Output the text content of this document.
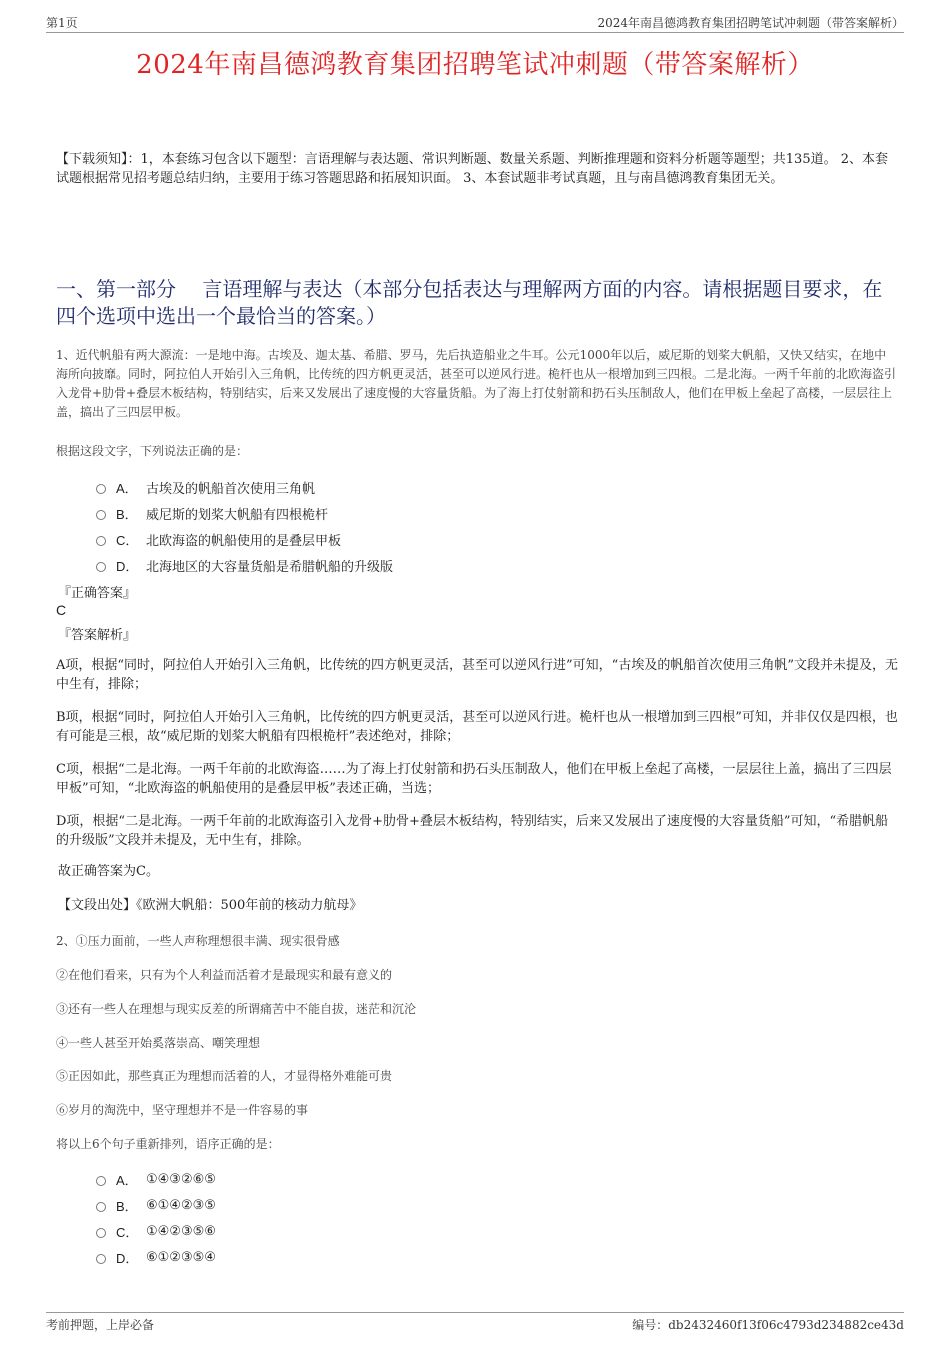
第1页	2024年南昌德鸿教育集团招聘笔试冲刺题（带答案解析）
2024年南昌德鸿教育集团招聘笔试冲刺题（带答案解析）
【下载须知】：1，本套练习包含以下题型：言语理解与表达题、常识判断题、数量关系题、判断推理题和资料分析题等题型；共135道。 2、本套试题根据常见招考题总结归纳，主要用于练习答题思路和拓展知识面。 3、本套试题非考试真题，且与南昌德鸿教育集团无关。
一、第一部分　 言语理解与表达（本部分包括表达与理解两方面的内容。请根据题目要求，在四个选项中选出一个最恰当的答案。）
1、近代帆船有两大源流：一是地中海。古埃及、迦太基、希腊、罗马，先后执造船业之牛耳。公元1000年以后，威尼斯的划桨大帆船，又快又结实，在地中海所向披靡。同时，阿拉伯人开始引入三角帆，比传统的四方帆更灵活，甚至可以逆风行进。桅杆也从一根增加到三四根。二是北海。一两千年前的北欧海盗引入龙骨+肋骨+叠层木板结构，特别结实，后来又发展出了速度慢的大容量货船。为了海上打仗射箭和扔石头压制敌人，他们在甲板上垒起了高楼，一层层往上盖，搞出了三四层甲板。
根据这段文字，下列说法正确的是：
A． 古埃及的帆船首次使用三角帆
B． 威尼斯的划桨大帆船有四根桅杆
C． 北欧海盗的帆船使用的是叠层甲板
D． 北海地区的大容量货船是希腊帆船的升级版
『正确答案』
C
『答案解析』
A项，根据“同时，阿拉伯人开始引入三角帆，比传统的四方帆更灵活，甚至可以逆风行进”可知，“古埃及的帆船首次使用三角帆”文段并未提及，无中生有，排除；
B项，根据“同时，阿拉伯人开始引入三角帆，比传统的四方帆更灵活，甚至可以逆风行进。桅杆也从一根增加到三四根”可知，并非仅仅是四根，也有可能是三根，故“威尼斯的划桨大帆船有四根桅杆”表述绝对，排除；
C项，根据“二是北海。一两千年前的北欧海盗……为了海上打仗射箭和扔石头压制敌人，他们在甲板上垒起了高楼，一层层往上盖，搞出了三四层甲板”可知，“北欧海盗的帆船使用的是叠层甲板”表述正确，当选；
D项，根据“二是北海。一两千年前的北欧海盗引入龙骨+肋骨+叠层木板结构，特别结实，后来又发展出了速度慢的大容量货船”可知，“希腊帆船的升级版”文段并未提及，无中生有，排除。
故正确答案为C。
【文段出处】《欧洲大帆船：500年前的核动力航母》
2、①压力面前，一些人声称理想很丰满、现实很骨感
②在他们看来，只有为个人利益而活着才是最现实和最有意义的
③还有一些人在理想与现实反差的所谓痛苦中不能自拔，迷茫和沉沦
④一些人甚至开始奚落崇高、嘲笑理想
⑤正因如此，那些真正为理想而活着的人，才显得格外难能可贵
⑥岁月的淘洗中，坚守理想并不是一件容易的事
将以上6个句子重新排列，语序正确的是：
A． ①④③②⑥⑤
B． ⑥①④②③⑤
C． ①④②③⑤⑥
D． ⑥①②③⑤④
考前押题，上岸必备	编号：db2432460f13f06c4793d234882ce43d
